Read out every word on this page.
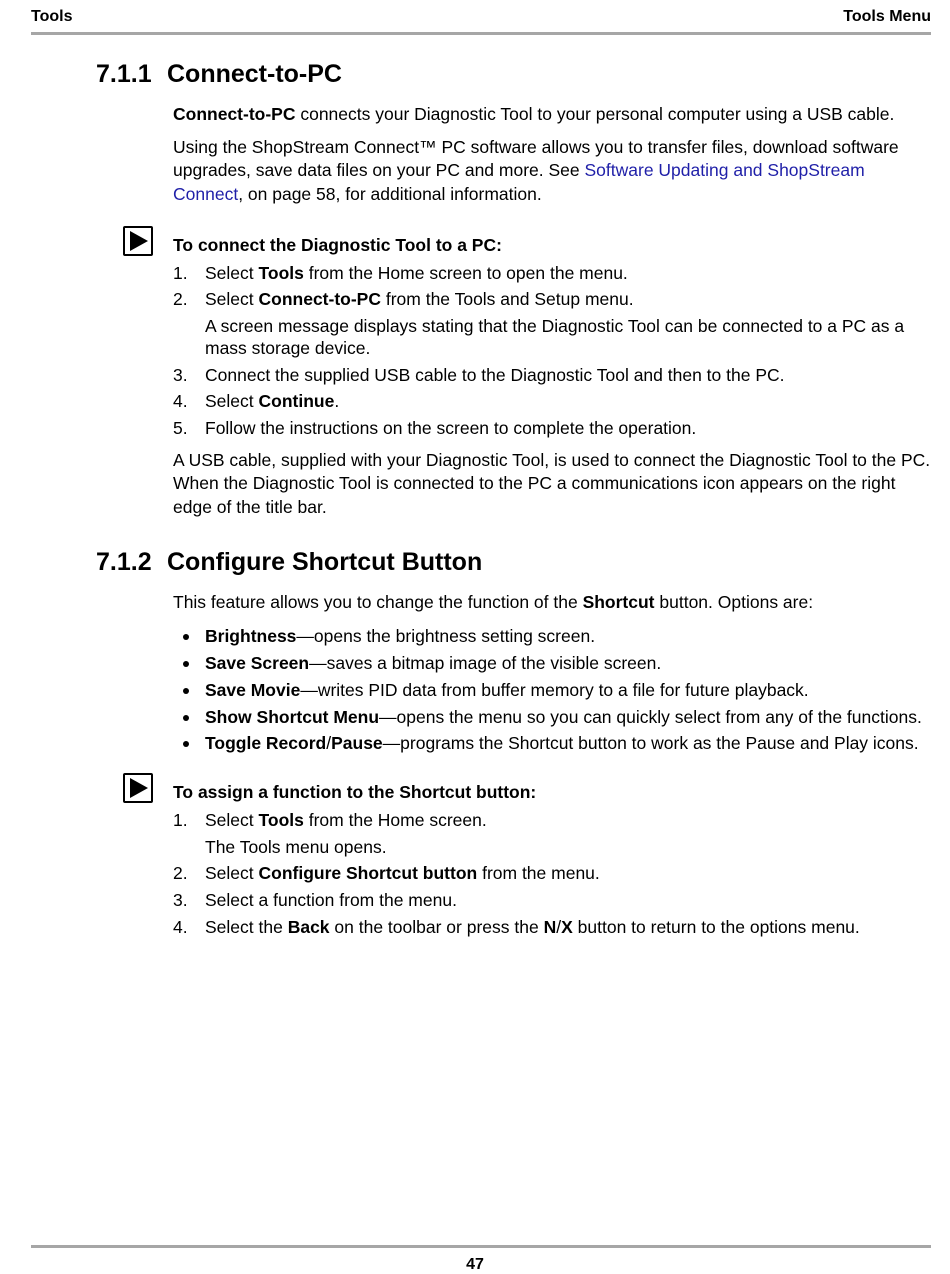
Tools	Tools Menu
7.1.1 Connect-to-PC

Connect-to-PC connects your Diagnostic Tool to your personal computer using a USB cable.

Using the ShopStream Connect™ PC software allows you to transfer files, download software upgrades, save data files on your PC and more. See Software Updating and ShopStream Connect, on page 58, for additional information.

To connect the Diagnostic Tool to a PC:

1. Select Tools from the Home screen to open the menu.
2. Select Connect-to-PC from the Tools and Setup menu.
A screen message displays stating that the Diagnostic Tool can be connected to a PC as a mass storage device.
3. Connect the supplied USB cable to the Diagnostic Tool and then to the PC.
4. Select Continue.
5. Follow the instructions on the screen to complete the operation.

A USB cable, supplied with your Diagnostic Tool, is used to connect the Diagnostic Tool to the PC. When the Diagnostic Tool is connected to the PC a communications icon appears on the right edge of the title bar.

7.1.2 Configure Shortcut Button

This feature allows you to change the function of the Shortcut button. Options are:

Brightness—opens the brightness setting screen.
Save Screen—saves a bitmap image of the visible screen.
Save Movie—writes PID data from buffer memory to a file for future playback.
Show Shortcut Menu—opens the menu so you can quickly select from any of the functions.
Toggle Record/Pause—programs the Shortcut button to work as the Pause and Play icons.

To assign a function to the Shortcut button:

1. Select Tools from the Home screen.
The Tools menu opens.
2. Select Configure Shortcut button from the menu.
3. Select a function from the menu.
4. Select the Back on the toolbar or press the N/X button to return to the options menu.
47
